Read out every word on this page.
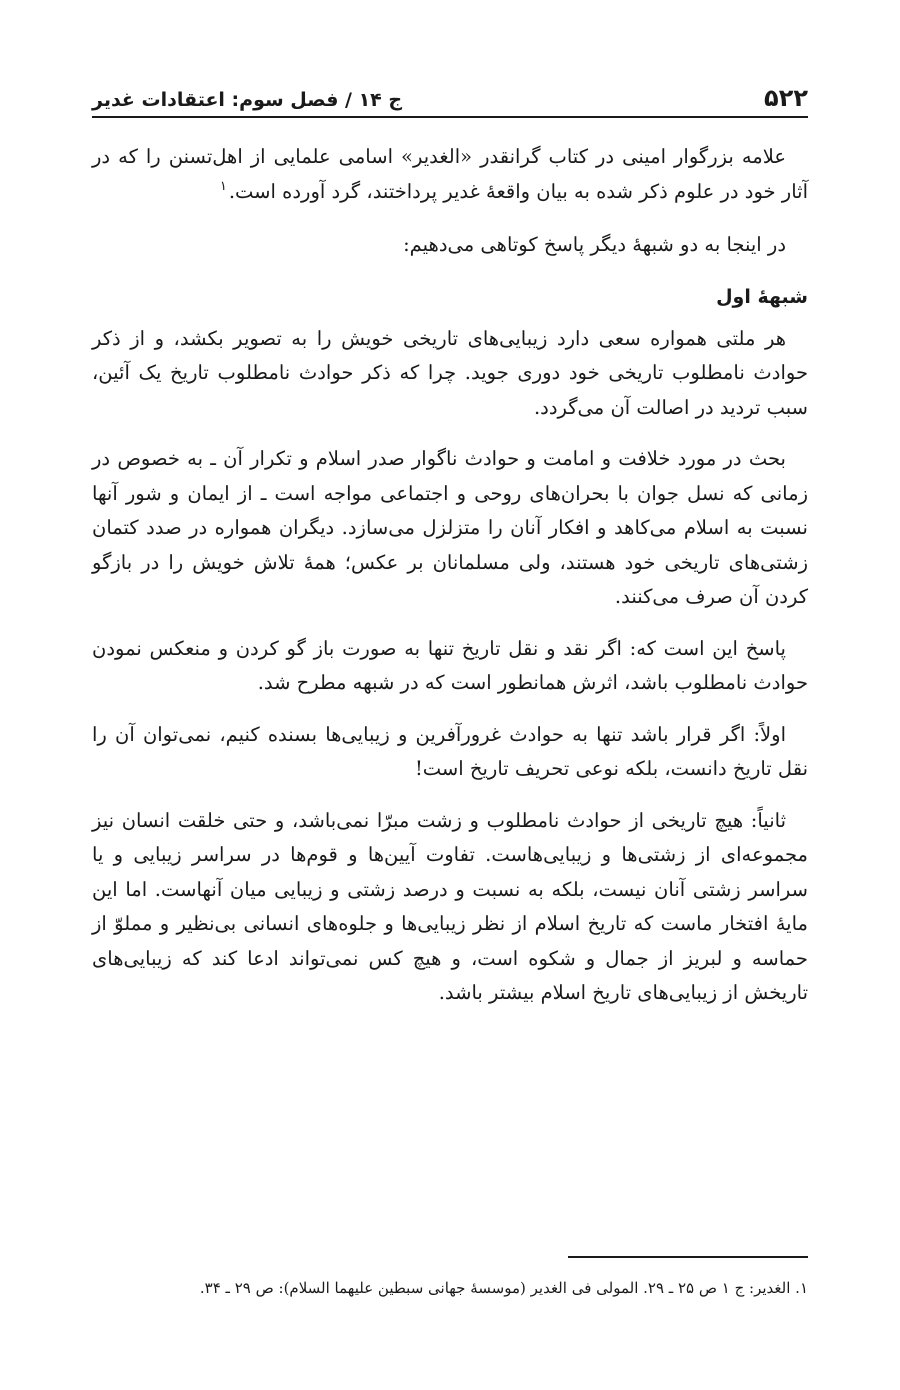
۵۲۲
ج ۱۴ / فصل سوم: اعتقادات غدیر

علامه بزرگوار امینی در کتاب گرانقدر «الغدیر» اسامی علمایی از اهل‌تسنن را که در آثار خود در علوم ذکر شده به بیان واقعهٔ غدیر پرداختند، گرد آورده است.$^۱$

در اینجا به دو شبههٔ دیگر پاسخ کوتاهی می‌دهیم:

شبههٔ اول

هر ملتی همواره سعی دارد زیبایی‌های تاریخی خویش را به تصویر بکشد، و از ذکر حوادث نامطلوب تاریخی خود دوری جوید. چرا که ذکر حوادث نامطلوب تاریخ یک آئین، سبب تردید در اصالت آن می‌گردد.

بحث در مورد خلافت و امامت و حوادث ناگوار صدر اسلام و تکرار آن ـ به خصوص در زمانی که نسل جوان با بحران‌های روحی و اجتماعی مواجه است ـ از ایمان و شور آنها نسبت به اسلام می‌کاهد و افکار آنان را متزلزل می‌سازد. دیگران همواره در صدد کتمان زشتی‌های تاریخی خود هستند، ولی مسلمانان بر عکس؛ همهٔ تلاش خویش را در بازگو کردن آن صرف می‌کنند.

پاسخ این است که: اگر نقد و نقل تاریخ تنها به صورت باز گو کردن و منعکس نمودن حوادث نامطلوب باشد، اثرش همانطور است که در شبهه مطرح شد.

اولاً: اگر قرار باشد تنها به حوادث غرورآفرین و زیبایی‌ها بسنده کنیم، نمی‌توان آن را نقل تاریخ دانست، بلکه نوعی تحریف تاریخ است!

ثانیاً: هیچ تاریخی از حوادث نامطلوب و زشت مبرّا نمی‌باشد، و حتی خلقت انسان نیز مجموعه‌ای از زشتی‌ها و زیبایی‌هاست. تفاوت آیین‌ها و قوم‌ها در سراسر زیبایی و یا سراسر زشتی آنان نیست، بلکه به نسبت و درصد زشتی و زیبایی میان آنهاست. اما این مایهٔ افتخار ماست که تاریخ اسلام از نظر زیبایی‌ها و جلوه‌های انسانی بی‌نظیر و مملوّ از حماسه و لبریز از جمال و شکوه است، و هیچ کس نمی‌تواند ادعا کند که زیبایی‌های تاریخش از زیبایی‌های تاریخ اسلام بیشتر باشد.

۱. الغدیر: ج ۱ ص ۲۵ ـ ۲۹. المولی فی الغدیر (موسسهٔ جهانی سبطین علیهما السلام): ص ۲۹ ـ ۳۴.
